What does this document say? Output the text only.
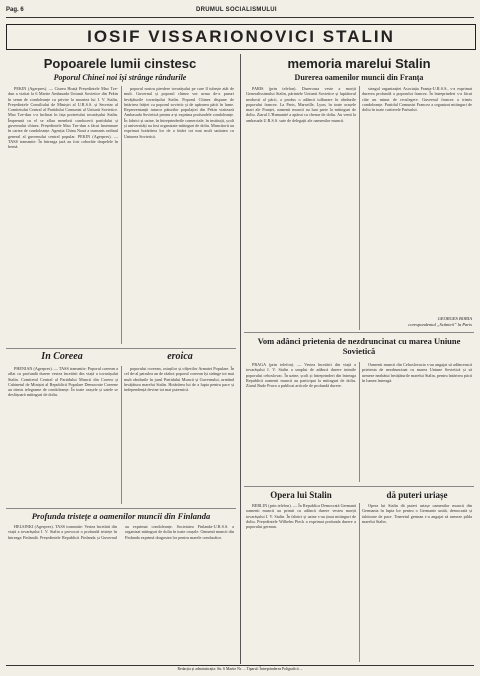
Pag. 6	DRUMUL SOCIALISMULUI
IOSIF VISSARIONOVICI STALIN
Popoarele lumii cinstesc
Poporul Chinei noi își strânge rândurile

PEKIN (Agerpres). — Ciurea Hoață Președintele Mao Tze-dun a vizitat la 6 Martie Ambasada Uniunii Sovietice din Pekin în semn de condoleanțe cu privire la moartea lui I. V. Stalin, Președintele Consiliului de Miniștri al U.R.S.S. și Secretar al Comitetului Central al Partidului Comunist al Uniunii Sovietice. Mao Tze-dun s-a înclinat în fața portretului tovarășului Stalin. Împreună cu el se aflau membrii conducerii partidului și guvernului chinez. Președintele Mao Tze-dun a făcut însemnare în cartea de condoleanțe. Agenția China Nouă a transmis ordinul general al guvernului central popular. PEKIN (Agerpres). — TASS transmite: În întreaga țară au fost coborâte drapelele în bernă.

poporul nostru pierdere tovarășului pe care îl iubește atât de mult. Guvernul și poporul chinez vor urma de-a pururi învățăturile tovarășului Stalin. Poporul Chinez dispune de întărirea frăției cu poporul sovietic și de apărarea păcii în lume. Reprezentanții tuturor păturilor populației din Pekin vizitează Ambasada Sovietică pentru a-și exprima profundele condoleanțe. În fabrici și uzine, în întreprinderile comerciale, în instituții, școli și universități au fost organizate mitinguri de doliu. Muncitorii au exprimat hotărârea lor de a întări tot mai mult unitatea cu Uniunea Sovietică.

In Coreea	eroica

PHENIAN (Agerpres). — TASS transmite: Poporul coreean a aflat cu profundă durere vestea încetării din viață a tovarășului Stalin. Comitetul Central al Partidului Muncii din Coreea și Cabinetul de Miniștri al Republicii Populare Democrate Coreene au trimis telegrame de condoleanțe. În toate orașele și satele se desfășoară mitinguri de doliu.

poporului coreean, ostașilor și ofițerilor Armatei Populare. În cel de-al patrulea an de război poporul coreean își strânge tot mai mult rândurile în jurul Partidului Muncii și Guvernului, urmând învățătura marelui Stalin. Hotărârea lui de a lupta pentru pace și independență devine tot mai puternică.

Profunda tristețe a oamenilor muncii din Finlanda

HELSINKI (Agerpres). TASS transmite: Vestea încetării din viață a tovarășului I. V. Stalin a provocat o profundă tristețe în întreaga Finlandă. Președintele Republicii Finlanda și Guvernul au exprimat condoleanțe. Societatea Finlanda-U.R.S.S. a organizat mitinguri de doliu în toate orașele. Oamenii muncii din Finlanda exprimă dragostea lor pentru marele conducător.

memoria marelui Stalin
Durerea oamenilor muncii din Franța

PARIS (prin telefon). Dureroasa veste a morții Generalissimului Stalin, părintele Uniunii Sovietice și luptătorul neobosit al păcii, a produs o adâncă tulburare în rândurile poporului francez. La Paris, Marseille, Lyon, în toate orașele mari ale Franței, oamenii muncii au luat parte la mitinguri de doliu. Ziarul L'Humanité a apărut cu chenar de doliu. Au venit la ambasada U.R.S.S. sute de delegații ale oamenilor muncii.

steagul organizației Asociația Franța-U.R.S.S., s-a exprimat durerea profundă a poporului francez. În întreprinderi s-a făcut câte un minut de reculegere. Guvernul francez a trimis condoleanțe. Partidul Comunist Francez a organizat mitinguri de doliu în toate cartierele Parisului.

GEORGES BORIA
corespondentul „Scânteii” la Paris
Vom adânci prietenia de nezdruncinat cu marea Uniune Sovietică

PRAGA (prin telefon). — Vestea încetării din viață a tovarășului I. V. Stalin a umplut de adâncă durere inimile poporului cehoslovac. În uzine, școli și întreprinderi din întreaga Republică oamenii muncii au participat la mitinguri de doliu. Ziarul Rude Pravo a publicat articole de profundă durere.

Oamenii muncii din Cehoslovacia s-au angajat să adâncească prietenia de nezdruncinat cu marea Uniune Sovietică și să urmeze neabătut învățăturile marelui Stalin, pentru întărirea păcii în lumea întreagă.

Opera lui Stalin	dă puteri uriașe

BERLIN (prin telefon). — În Republica Democrată Germană oamenii muncii au primit cu adâncă durere vestea morții tovarășului I. V. Stalin. În fabrici și uzine s-au ținut mitinguri de doliu. Președintele Wilhelm Pieck a exprimat profunda durere a poporului german.

Opera lui Stalin dă puteri uriașe oamenilor muncii din Germania în lupta lor pentru o Germanie unită, democrată și iubitoare de pace. Tineretul german s-a angajat să urmeze pilda marelui Stalin.

Redacția și administrația: Str. 6 Martie Nr. ... Tiparul: Întreprinderea Poligrafică ...
